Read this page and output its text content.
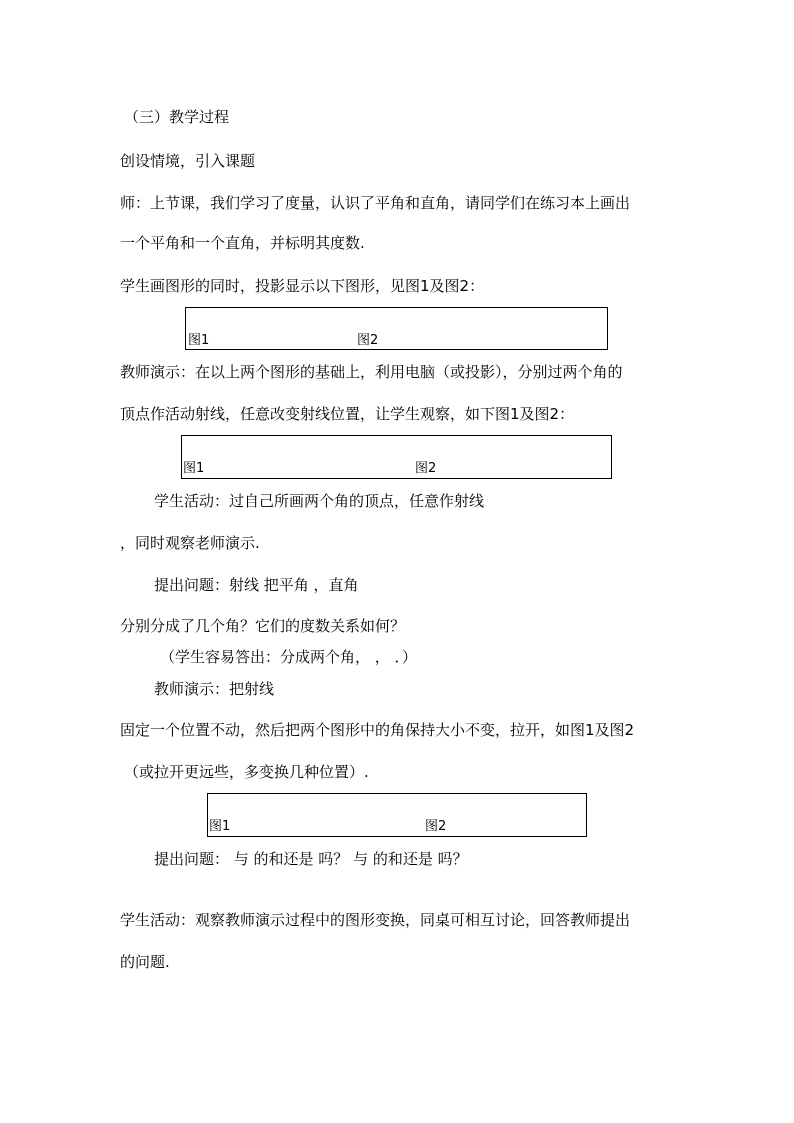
（三）教学过程
创设情境，引入课题
师：上节课，我们学习了度量，认识了平角和直角，请同学们在练习本上画出
一个平角和一个直角，并标明其度数.
学生画图形的同时，投影显示以下图形，见图1及图2：
图1	图2
教师演示：在以上两个图形的基础上，利用电脑（或投影），分别过两个角的
顶点作活动射线，任意改变射线位置，让学生观察，如下图1及图2：
图1	图2
学生活动：过自己所画两个角的顶点，任意作射线
，同时观察老师演示.
提出问题：射线 把平角 ，直角
分别分成了几个角？它们的度数关系如何？
（学生容易答出：分成两个角， ， ．）
教师演示：把射线
固定一个位置不动，然后把两个图形中的角保持大小不变，拉开，如图1及图2
（或拉开更远些，多变换几种位置）.
图1	图2
提出问题： 与 的和还是 吗？ 与 的和还是 吗？
学生活动：观察教师演示过程中的图形变换，同桌可相互讨论，回答教师提出
的问题.
